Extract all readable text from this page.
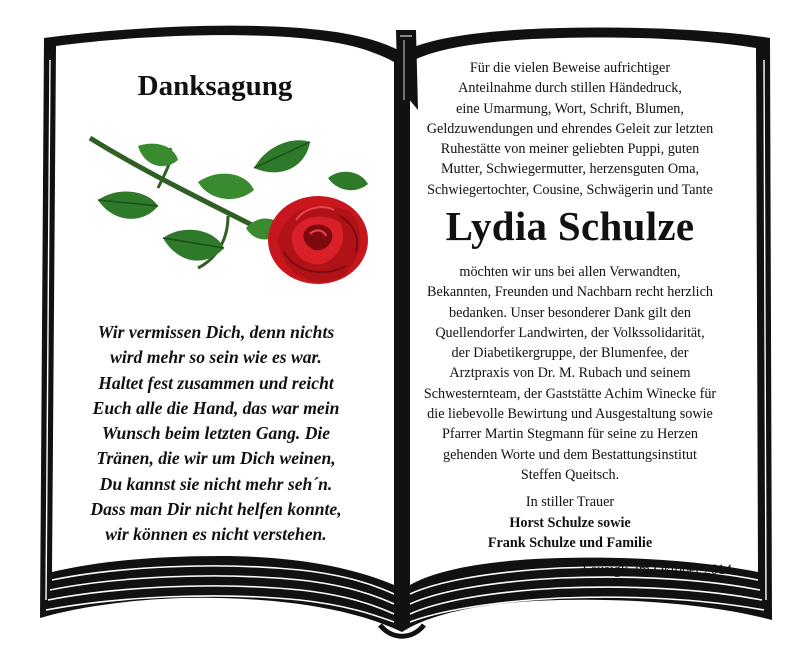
Danksagung
Wir vermissen Dich, denn nichts
wird mehr so sein wie es war.
Haltet fest zusammen und reicht
Euch alle die Hand, das war mein
Wunsch beim letzten Gang. Die
Tränen, die wir um Dich weinen,
Du kannst sie nicht mehr seh´n.
Dass man Dir nicht helfen konnte,
wir können es nicht verstehen.
Für die vielen Beweise aufrichtiger
Anteilnahme durch stillen Händedruck,
eine Umarmung, Wort, Schrift, Blumen,
Geldzuwendungen und ehrendes Geleit zur letzten
Ruhestätte von meiner geliebten Puppi, guten
Mutter, Schwiegermutter, herzensguten Oma,
Schwiegertochter, Cousine, Schwägerin und Tante
Lydia Schulze
möchten wir uns bei allen Verwandten,
Bekannten, Freunden und Nachbarn recht herzlich
bedanken. Unser besonderer Dank gilt den
Quellendorfer Landwirten, der Volkssolidarität,
der Diabetikergruppe, der Blumenfee, der
Arztpraxis von Dr. M. Rubach und seinem
Schwesternteam, der Gaststätte Achim Winecke für
die liebevolle Bewirtung und Ausgestaltung sowie
Pfarrer Martin Stegmann für seine zu Herzen
gehenden Worte und dem Bestattungsinstitut
Steffen Queitsch.
In stiller Trauer
Horst Schulze sowie
Frank Schulze und Familie
Lausigk, im Oktober 2014
